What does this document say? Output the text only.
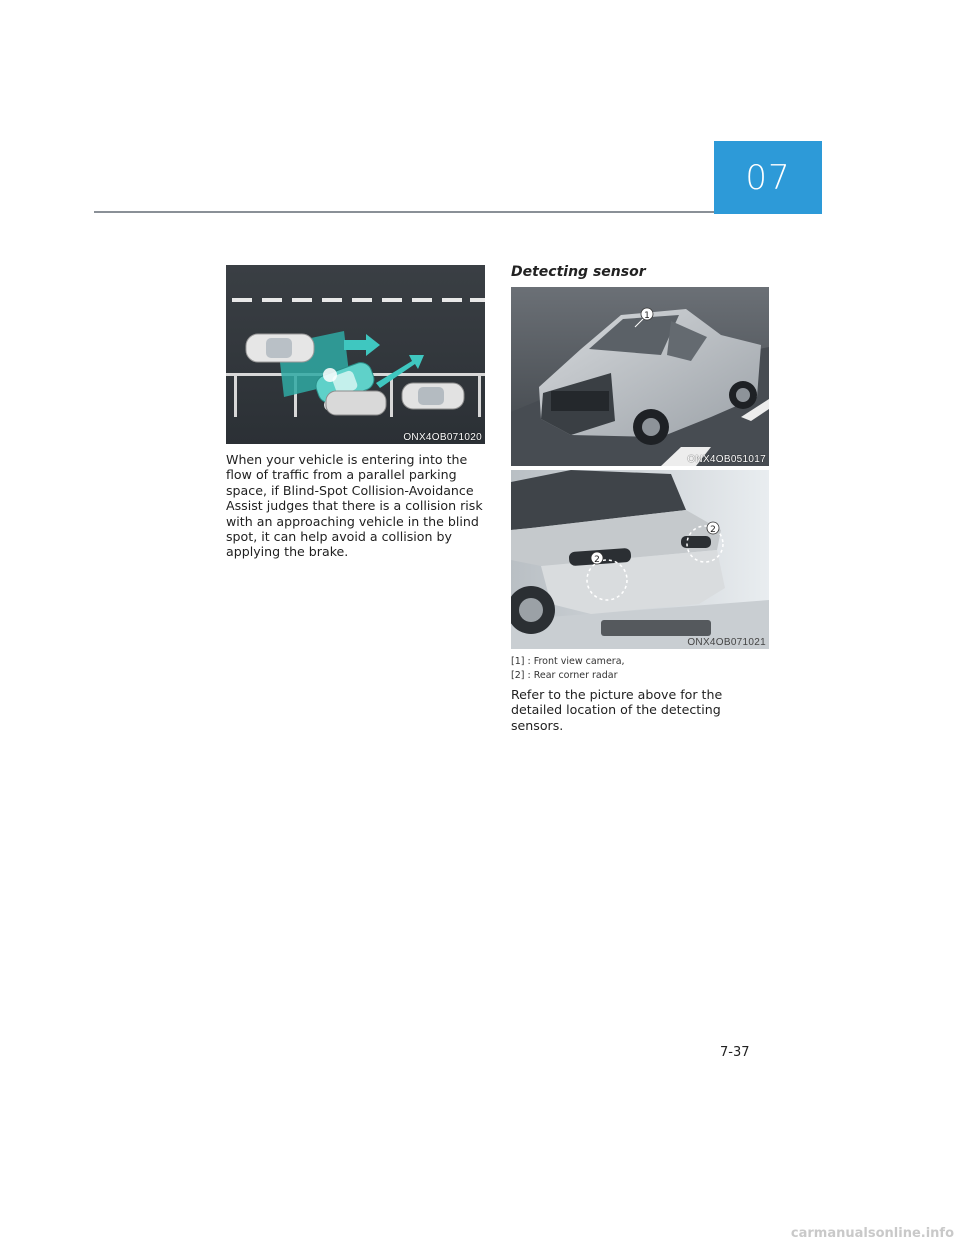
07
ONX4OB071020
When your vehicle is entering into the flow of traffic from a parallel parking space, if Blind-Spot Collision-Avoidance Assist judges that there is a collision risk with an approaching vehicle in the blind spot, it can help avoid a collision by applying the brake.
Detecting sensor
1
ONX4OB051017
2
2
ONX4OB071021
[1] : Front view camera,
[2] : Rear corner radar
Refer to the picture above for the detailed location of the detecting sensors.
7-37
carmanualsonline.info
